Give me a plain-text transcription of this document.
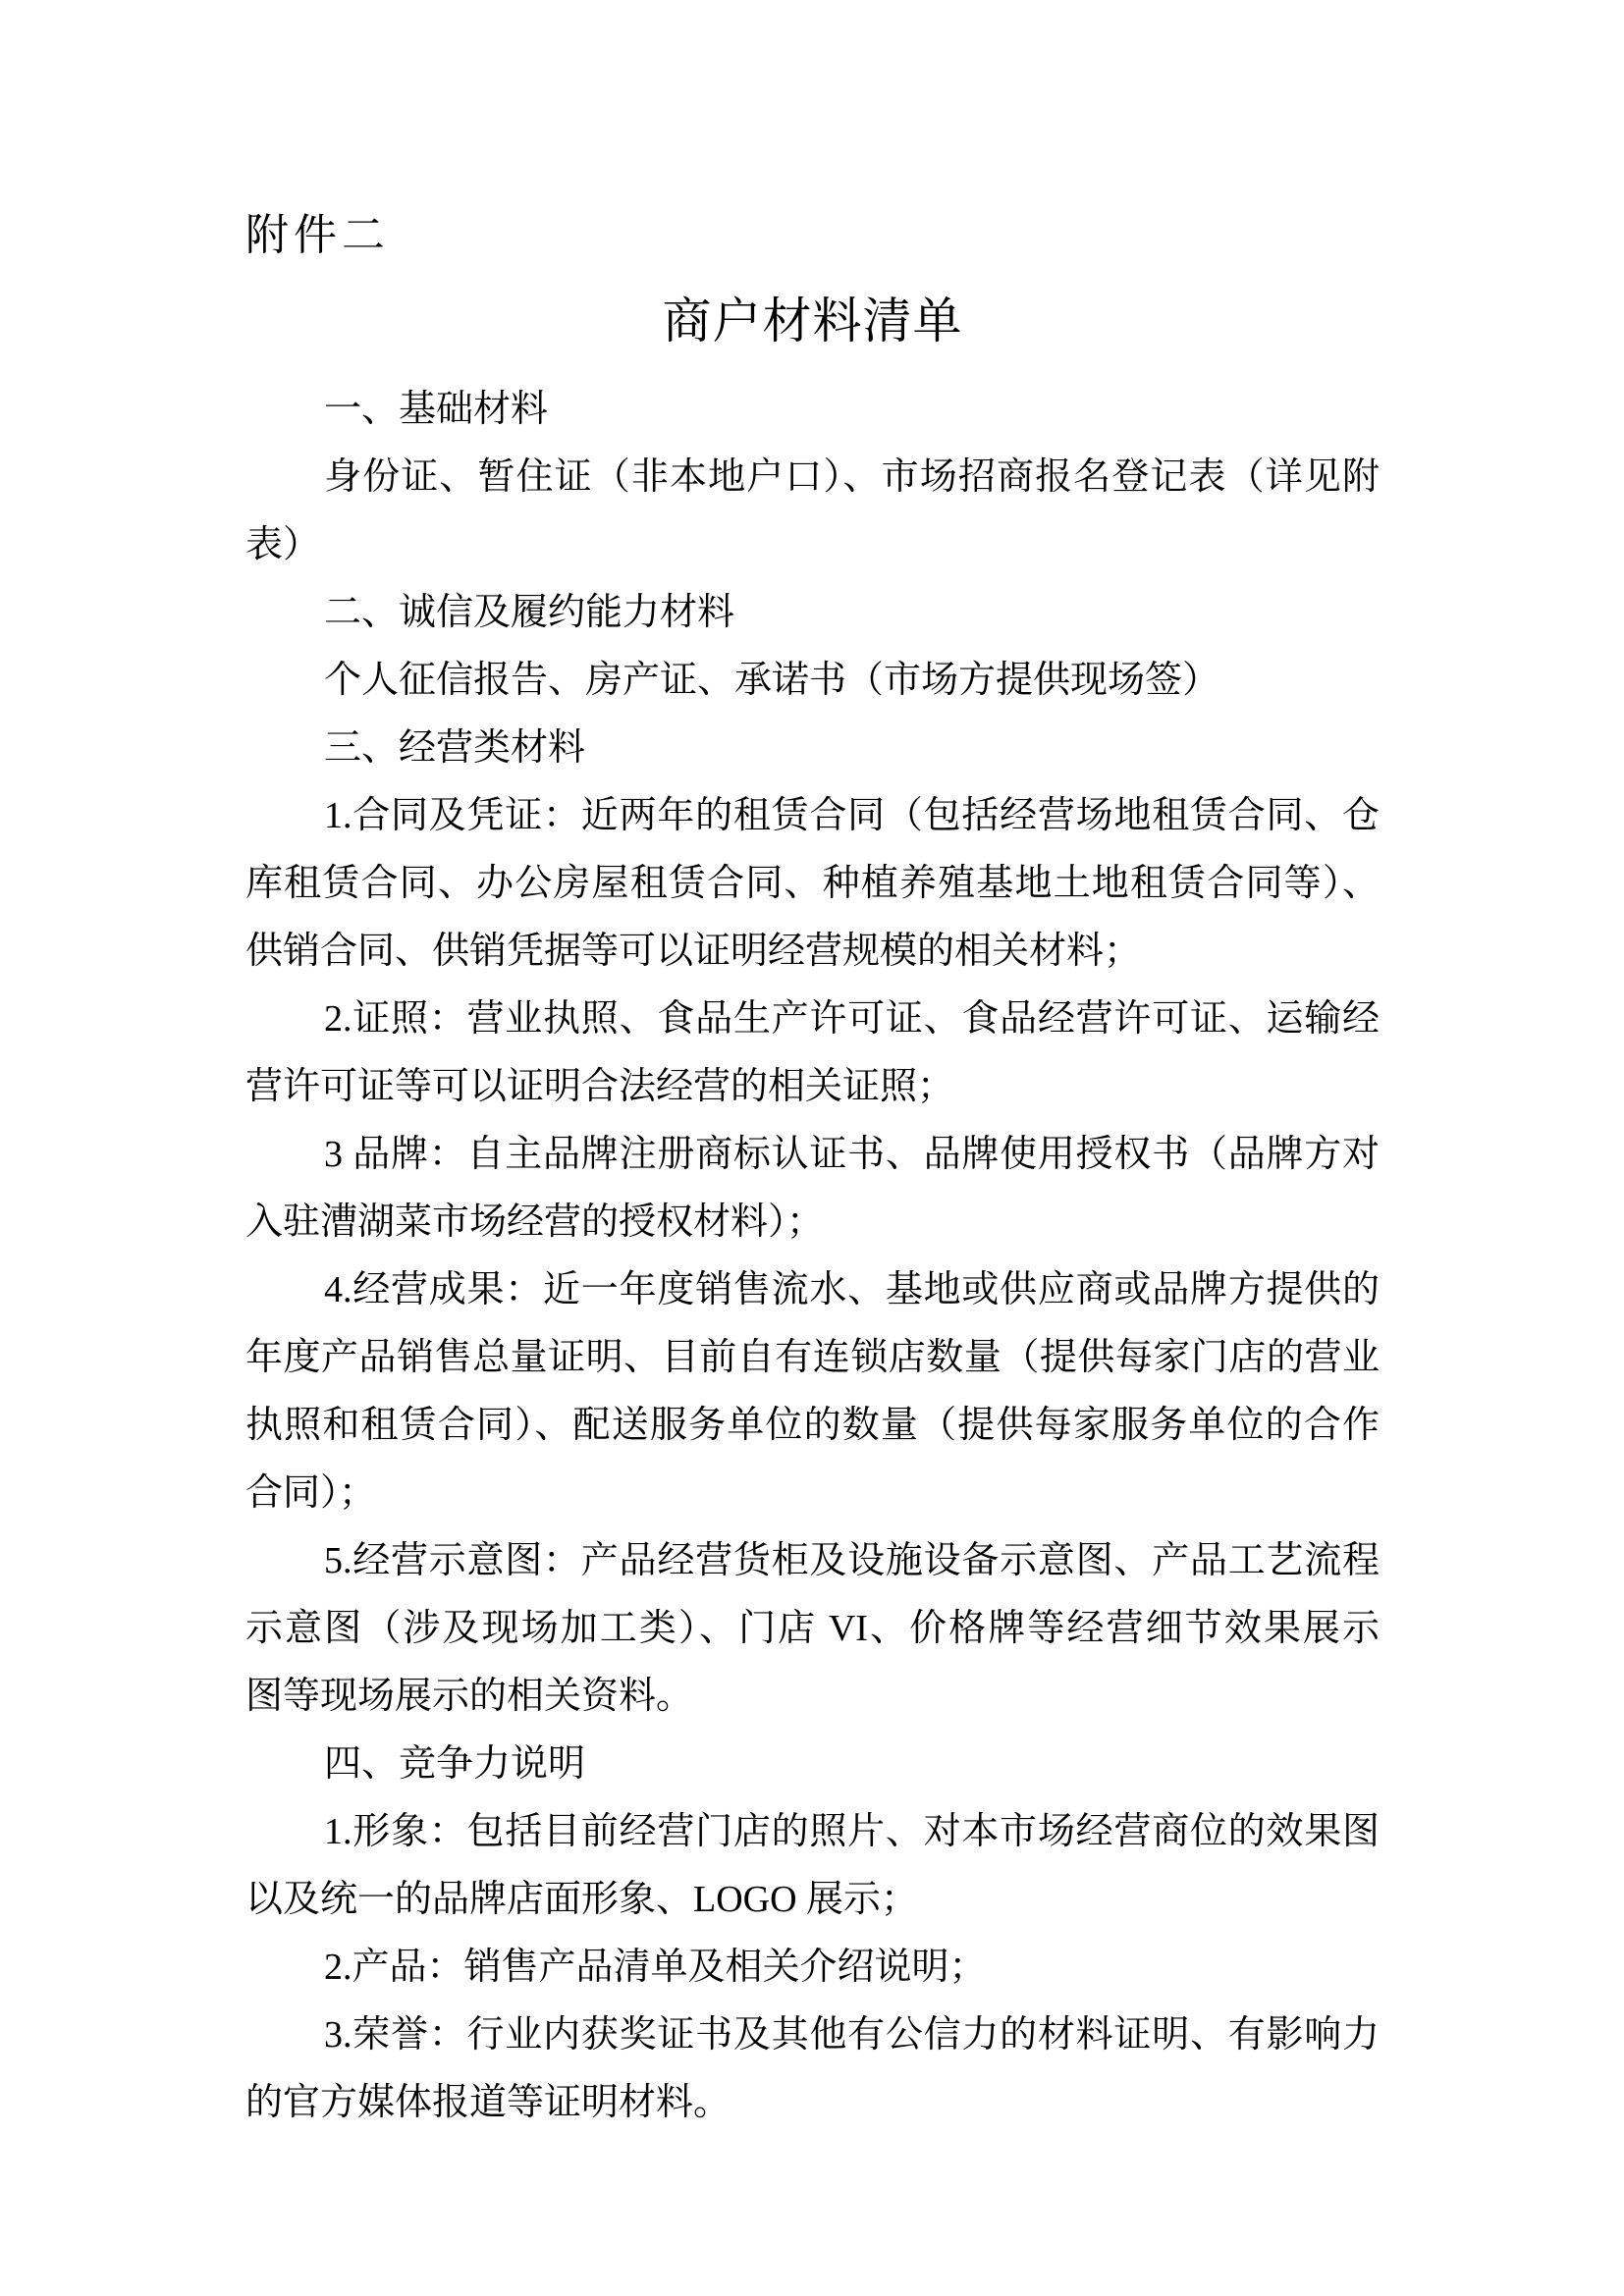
附件二
商户材料清单
一、基础材料
身份证、暂住证（非本地户口）、市场招商报名登记表（详见附
表）
二、诚信及履约能力材料
个人征信报告、房产证、承诺书（市场方提供现场签）
三、经营类材料
1.合同及凭证：近两年的租赁合同（包括经营场地租赁合同、仓
库租赁合同、办公房屋租赁合同、种植养殖基地土地租赁合同等）、
供销合同、供销凭据等可以证明经营规模的相关材料；
2.证照：营业执照、食品生产许可证、食品经营许可证、运输经
营许可证等可以证明合法经营的相关证照；
3 品牌：自主品牌注册商标认证书、品牌使用授权书（品牌方对
入驻漕湖菜市场经营的授权材料）；
4.经营成果：近一年度销售流水、基地或供应商或品牌方提供的
年度产品销售总量证明、目前自有连锁店数量（提供每家门店的营业
执照和租赁合同）、配送服务单位的数量（提供每家服务单位的合作
合同）；
5.经营示意图：产品经营货柜及设施设备示意图、产品工艺流程
示意图（涉及现场加工类）、门店 VI、价格牌等经营细节效果展示
图等现场展示的相关资料。
四、竞争力说明
1.形象：包括目前经营门店的照片、对本市场经营商位的效果图
以及统一的品牌店面形象、LOGO 展示；
2.产品：销售产品清单及相关介绍说明；
3.荣誉：行业内获奖证书及其他有公信力的材料证明、有影响力
的官方媒体报道等证明材料。
